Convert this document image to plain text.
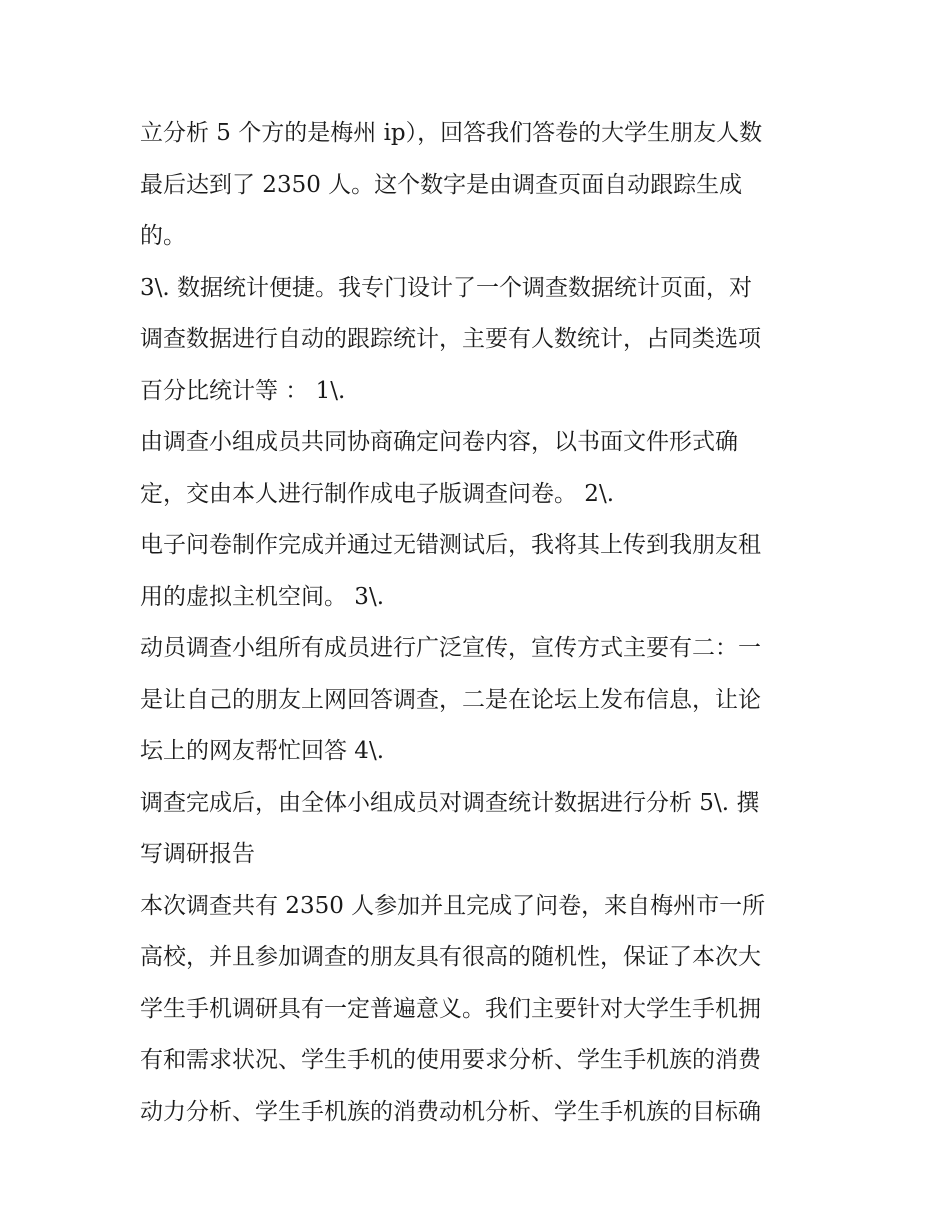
立分析 5 个方的是梅州 ip），回答我们答卷的大学生朋友人数
最后达到了 2350 人。这个数字是由调查页面自动跟踪生成
的。
3\. 数据统计便捷。我专门设计了一个调查数据统计页面，对
调查数据进行自动的跟踪统计，主要有人数统计，占同类选项
百分比统计等 ： 1\.
由调查小组成员共同协商确定问卷内容，以书面文件形式确
定，交由本人进行制作成电子版调查问卷。 2\.
电子问卷制作完成并通过无错测试后，我将其上传到我朋友租
用的虚拟主机空间。 3\.
动员调查小组所有成员进行广泛宣传，宣传方式主要有二：一
是让自己的朋友上网回答调查，二是在论坛上发布信息，让论
坛上的网友帮忙回答 4\.
调查完成后，由全体小组成员对调查统计数据进行分析 5\. 撰
写调研报告
本次调查共有 2350 人参加并且完成了问卷，来自梅州市一所
高校，并且参加调查的朋友具有很高的随机性，保证了本次大
学生手机调研具有一定普遍意义。我们主要针对大学生手机拥
有和需求状况、学生手机的使用要求分析、学生手机族的消费
动力分析、学生手机族的消费动机分析、学生手机族的目标确
